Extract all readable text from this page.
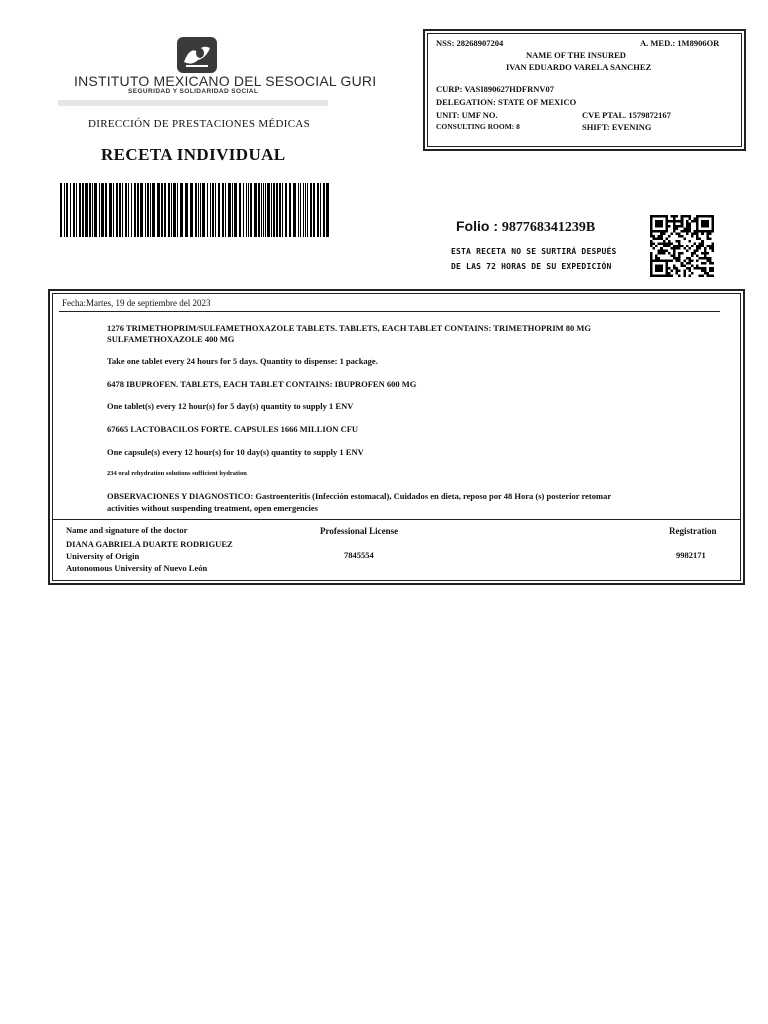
INSTITUTO MEXICANO DEL SESOCIAL GURI
SEGURIDAD Y SOLIDARIDAD SOCIAL
DIRECCIÓN DE PRESTACIONES MÉDICAS
RECETA INDIVIDUAL
NSS: 28268907204	A. MED.: 1M8906OR
NAME OF THE INSURED
IVAN EDUARDO VARELA SANCHEZ
CURP: VASI890627HDFRNV07
DELEGATION: STATE OF MEXICO
UNIT: UMF NO.	CVE PTAL. 1579872167
CONSULTING ROOM: 8	SHIFT: EVENING
Folio : 987768341239B
ESTA RECETA NO SE SURTIRÁ DESPUÉS
DE LAS 72 HORAS DE SU EXPEDICIÓN
Fecha:Martes, 19 de septiembre del 2023
1276 TRIMETHOPRIM/SULFAMETHOXAZOLE TABLETS. TABLETS, EACH TABLET CONTAINS: TRIMETHOPRIM 80 MG
SULFAMETHOXAZOLE 400 MG
Take one tablet every 24 hours for 5 days. Quantity to dispense: 1 package.
6478 IBUPROFEN. TABLETS, EACH TABLET CONTAINS: IBUPROFEN 600 MG
One tablet(s) every 12 hour(s) for 5 day(s) quantity to supply 1 ENV
67665 LACTOBACILOS FORTE. CAPSULES 1666 MILLION CFU
One capsule(s) every 12 hour(s) for 10 day(s) quantity to supply 1 ENV
234 oral rehydration solutions sufficient hydration
OBSERVACIONES Y DIAGNOSTICO: Gastroenteritis (Infección estomacal), Cuidados en dieta, reposo por 48 Hora (s) posterior retomar
activities without suspending treatment, open emergencies
Name and signature of the doctor
DIANA GABRIELA DUARTE RODRIGUEZ
University of Origin
Autonomous University of Nuevo León
Professional License
7845554
Registration
9982171
